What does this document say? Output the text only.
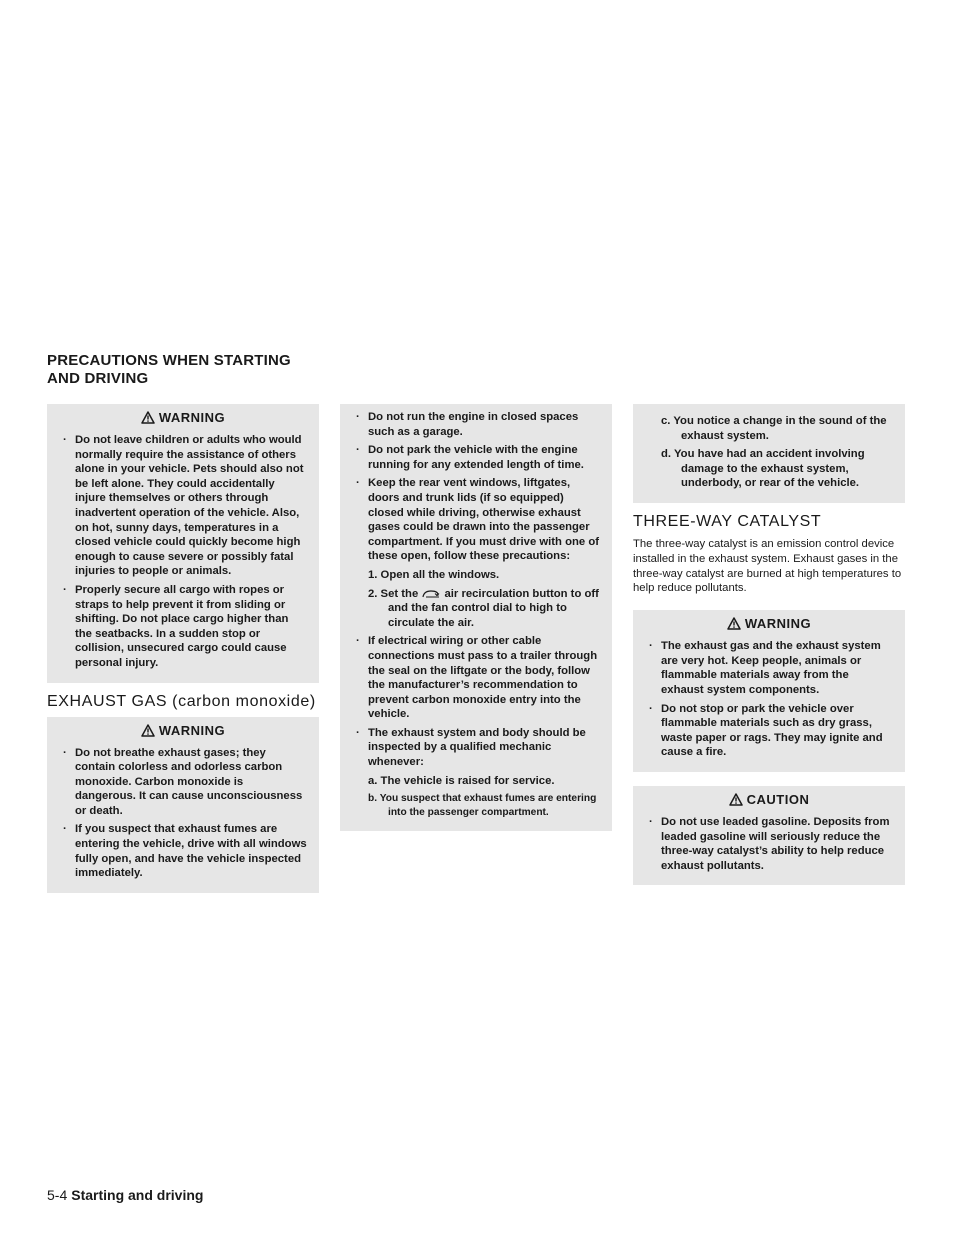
PRECAUTIONS WHEN STARTING
AND DRIVING
WARNING
· Do not leave children or adults who would normally require the assistance of others alone in your vehicle. Pets should also not be left alone. They could accidentally injure themselves or others through inadvertent operation of the vehicle. Also, on hot, sunny days, temperatures in a closed vehicle could quickly become high enough to cause severe or possibly fatal injuries to people or animals.
· Properly secure all cargo with ropes or straps to help prevent it from sliding or shifting. Do not place cargo higher than the seatbacks. In a sudden stop or collision, unsecured cargo could cause personal injury.
EXHAUST GAS (carbon monoxide)
WARNING
· Do not breathe exhaust gases; they contain colorless and odorless carbon monoxide. Carbon monoxide is dangerous. It can cause unconsciousness or death.
· If you suspect that exhaust fumes are entering the vehicle, drive with all windows fully open, and have the vehicle inspected immediately.
· Do not run the engine in closed spaces such as a garage.
· Do not park the vehicle with the engine running for any extended length of time.
· Keep the rear vent windows, liftgates, doors and trunk lids (if so equipped) closed while driving, otherwise exhaust gases could be drawn into the passenger compartment. If you must drive with one of these open, follow these precautions:
1. Open all the windows.
2. Set the air recirculation button to off and the fan control dial to high to circulate the air.
· If electrical wiring or other cable connections must pass to a trailer through the seal on the liftgate or the body, follow the manufacturer’s recommendation to prevent carbon monoxide entry into the vehicle.
· The exhaust system and body should be inspected by a qualified mechanic whenever:
a. The vehicle is raised for service.
b. You suspect that exhaust fumes are entering into the passenger compartment.
c. You notice a change in the sound of the exhaust system.
d. You have had an accident involving damage to the exhaust system, underbody, or rear of the vehicle.
THREE-WAY CATALYST
The three-way catalyst is an emission control device installed in the exhaust system. Exhaust gases in the three-way catalyst are burned at high temperatures to help reduce pollutants.
WARNING
· The exhaust gas and the exhaust system are very hot. Keep people, animals or flammable materials away from the exhaust system components.
· Do not stop or park the vehicle over flammable materials such as dry grass, waste paper or rags. They may ignite and cause a fire.
CAUTION
· Do not use leaded gasoline. Deposits from leaded gasoline will seriously reduce the three-way catalyst’s ability to help reduce exhaust pollutants.
5-4 Starting and driving
